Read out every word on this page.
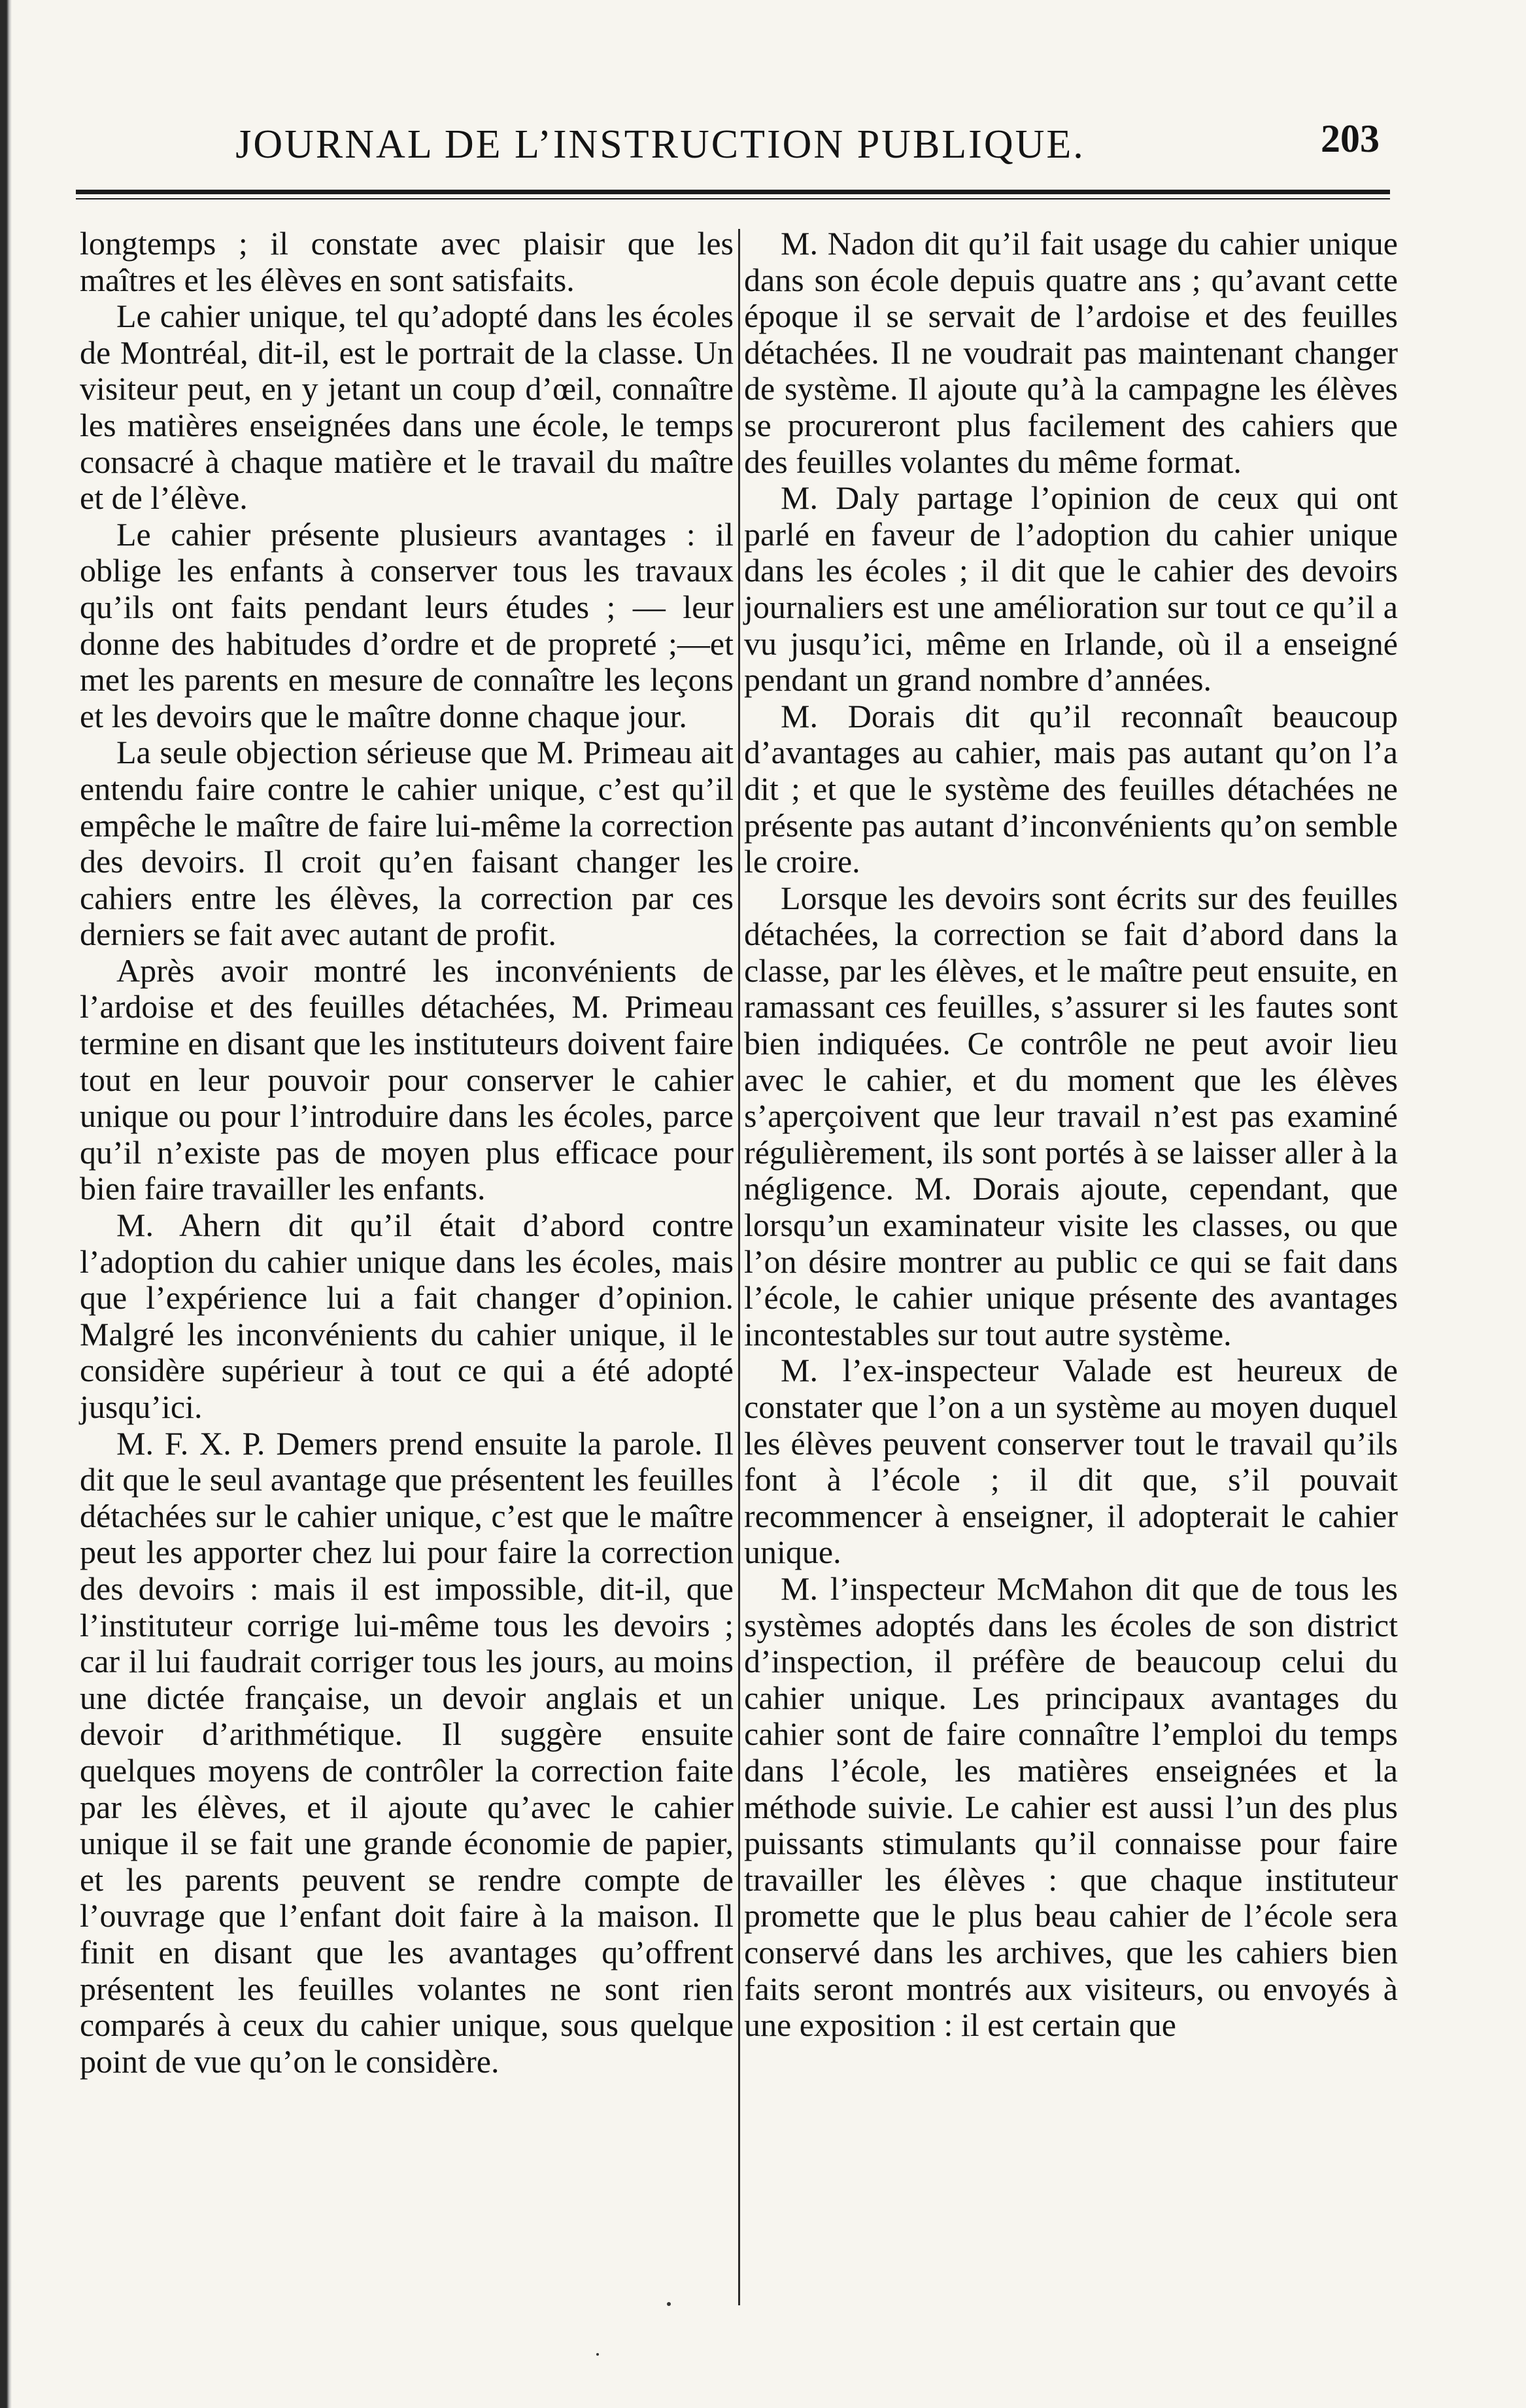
JOURNAL DE L’INSTRUCTION PUBLIQUE.	203

longtemps ; il constate avec plaisir que les maîtres et les élèves en sont satisfaits.

Le cahier unique, tel qu’adopté dans les écoles de Montréal, dit-il, est le portrait de la classe. Un visiteur peut, en y jetant un coup d’œil, connaître les matières enseignées dans une école, le temps consacré à chaque matière et le travail du maître et de l’élève.

Le cahier présente plusieurs avantages : il oblige les enfants à conserver tous les travaux qu’ils ont faits pendant leurs études ; — leur donne des habitudes d’ordre et de propreté ;—et met les parents en mesure de connaître les leçons et les devoirs que le maître donne chaque jour.

La seule objection sérieuse que M. Primeau ait entendu faire contre le cahier unique, c’est qu’il empêche le maître de faire lui-même la correction des devoirs. Il croit qu’en faisant changer les cahiers entre les élèves, la correction par ces derniers se fait avec autant de profit.

Après avoir montré les inconvénients de l’ardoise et des feuilles détachées, M. Primeau termine en disant que les instituteurs doivent faire tout en leur pouvoir pour conserver le cahier unique ou pour l’introduire dans les écoles, parce qu’il n’existe pas de moyen plus efficace pour bien faire travailler les enfants.

M. Ahern dit qu’il était d’abord contre l’adoption du cahier unique dans les écoles, mais que l’expérience lui a fait changer d’opinion. Malgré les inconvénients du cahier unique, il le considère supérieur à tout ce qui a été adopté jusqu’ici.

M. F. X. P. Demers prend ensuite la parole. Il dit que le seul avantage que présentent les feuilles détachées sur le cahier unique, c’est que le maître peut les apporter chez lui pour faire la correction des devoirs : mais il est impossible, dit-il, que l’instituteur corrige lui-même tous les devoirs ; car il lui faudrait corriger tous les jours, au moins une dictée française, un devoir anglais et un devoir d’arithmétique. Il suggère ensuite quelques moyens de contrôler la correction faite par les élèves, et il ajoute qu’avec le cahier unique il se fait une grande économie de papier, et les parents peuvent se rendre compte de l’ouvrage que l’enfant doit faire à la maison. Il finit en disant que les avantages qu’offrent présentent les feuilles volantes ne sont rien comparés à ceux du cahier unique, sous quelque point de vue qu’on le considère.

M. Nadon dit qu’il fait usage du cahier unique dans son école depuis quatre ans ; qu’avant cette époque il se servait de l’ardoise et des feuilles détachées. Il ne voudrait pas maintenant changer de système. Il ajoute qu’à la campagne les élèves se procureront plus facilement des cahiers que des feuilles volantes du même format.

M. Daly partage l’opinion de ceux qui ont parlé en faveur de l’adoption du cahier unique dans les écoles ; il dit que le cahier des devoirs journaliers est une amélioration sur tout ce qu’il a vu jusqu’ici, même en Irlande, où il a enseigné pendant un grand nombre d’années.

M. Dorais dit qu’il reconnaît beaucoup d’avantages au cahier, mais pas autant qu’on l’a dit ; et que le système des feuilles détachées ne présente pas autant d’inconvénients qu’on semble le croire.

Lorsque les devoirs sont écrits sur des feuilles détachées, la correction se fait d’abord dans la classe, par les élèves, et le maître peut ensuite, en ramassant ces feuilles, s’assurer si les fautes sont bien indiquées. Ce contrôle ne peut avoir lieu avec le cahier, et du moment que les élèves s’aperçoivent que leur travail n’est pas examiné régulièrement, ils sont portés à se laisser aller à la négligence. M. Dorais ajoute, cependant, que lorsqu’un examinateur visite les classes, ou que l’on désire montrer au public ce qui se fait dans l’école, le cahier unique présente des avantages incontestables sur tout autre système.

M. l’ex-inspecteur Valade est heureux de constater que l’on a un système au moyen duquel les élèves peuvent conserver tout le travail qu’ils font à l’école ; il dit que, s’il pouvait recommencer à enseigner, il adopterait le cahier unique.

M. l’inspecteur McMahon dit que de tous les systèmes adoptés dans les écoles de son district d’inspection, il préfère de beaucoup celui du cahier unique. Les principaux avantages du cahier sont de faire connaître l’emploi du temps dans l’école, les matières enseignées et la méthode suivie. Le cahier est aussi l’un des plus puissants stimulants qu’il connaisse pour faire travailler les élèves : que chaque instituteur promette que le plus beau cahier de l’école sera conservé dans les archives, que les cahiers bien faits seront montrés aux visiteurs, ou envoyés à une exposition : il est certain que
